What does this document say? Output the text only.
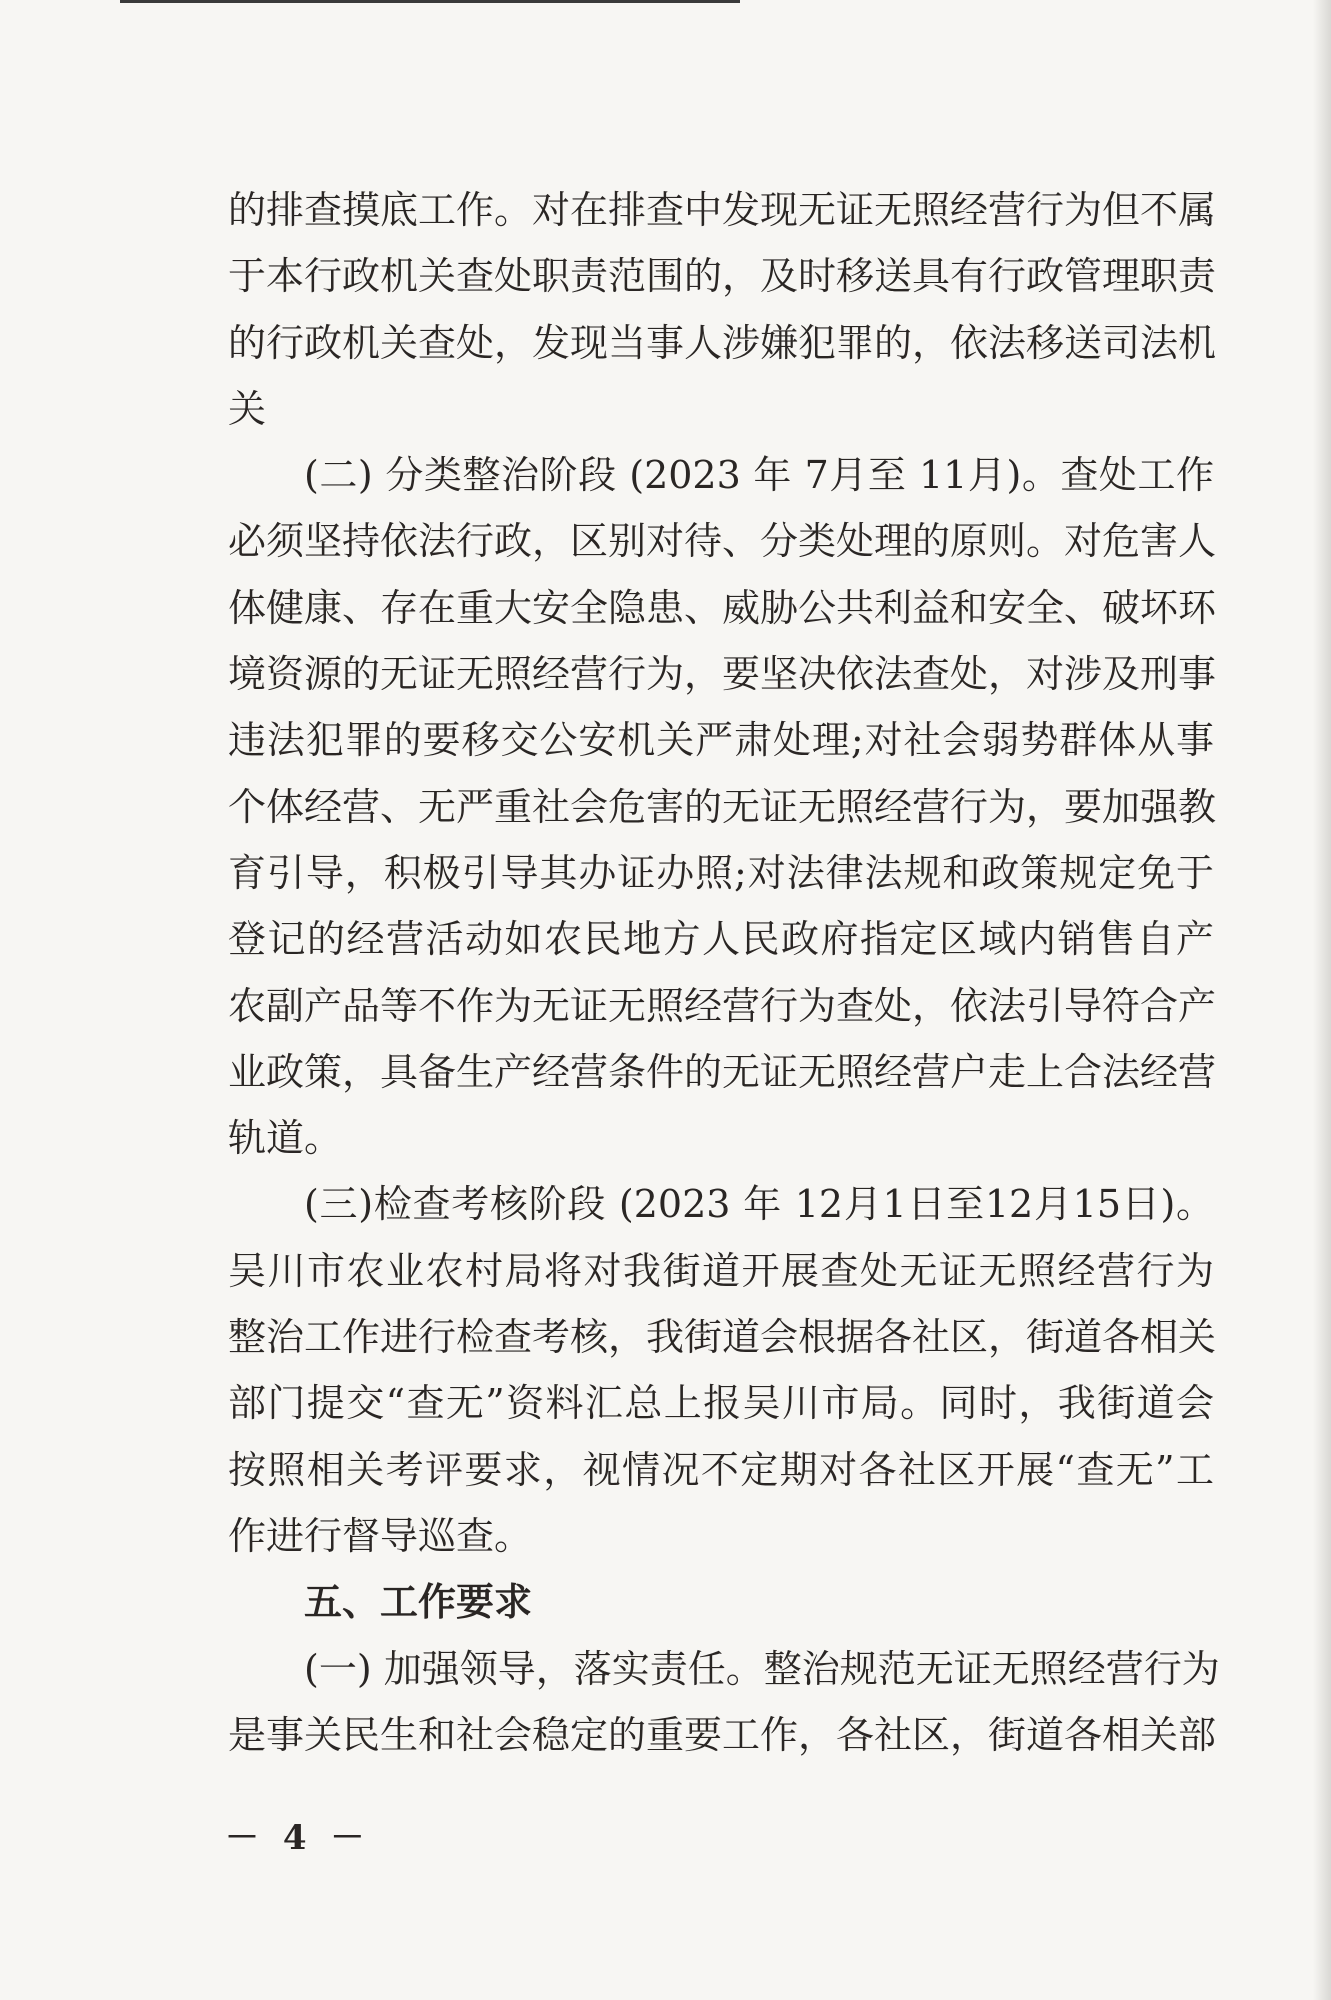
的排查摸底工作。对在排查中发现无证无照经营行为但不属
于本行政机关查处职责范围的，及时移送具有行政管理职责
的行政机关查处，发现当事人涉嫌犯罪的，依法移送司法机
关
(二) 分类整治阶段 (2023 年 7月至 11月)。查处工作
必须坚持依法行政，区别对待、分类处理的原则。对危害人
体健康、存在重大安全隐患、威胁公共利益和安全、破坏环
境资源的无证无照经营行为，要坚决依法查处，对涉及刑事
违法犯罪的要移交公安机关严肃处理;对社会弱势群体从事
个体经营、无严重社会危害的无证无照经营行为，要加强教
育引导，积极引导其办证办照;对法律法规和政策规定免于
登记的经营活动如农民地方人民政府指定区域内销售自产
农副产品等不作为无证无照经营行为查处，依法引导符合产
业政策，具备生产经营条件的无证无照经营户走上合法经营
轨道。
(三)检查考核阶段 (2023 年 12月1日至12月15日)。
吴川市农业农村局将对我街道开展查处无证无照经营行为
整治工作进行检查考核，我街道会根据各社区，街道各相关
部门提交“查无”资料汇总上报吴川市局。同时，我街道会
按照相关考评要求，视情况不定期对各社区开展“查无”工
作进行督导巡查。
五、工作要求
(一) 加强领导，落实责任。整治规范无证无照经营行为
是事关民生和社会稳定的重要工作，各社区，街道各相关部
－ 4 －
